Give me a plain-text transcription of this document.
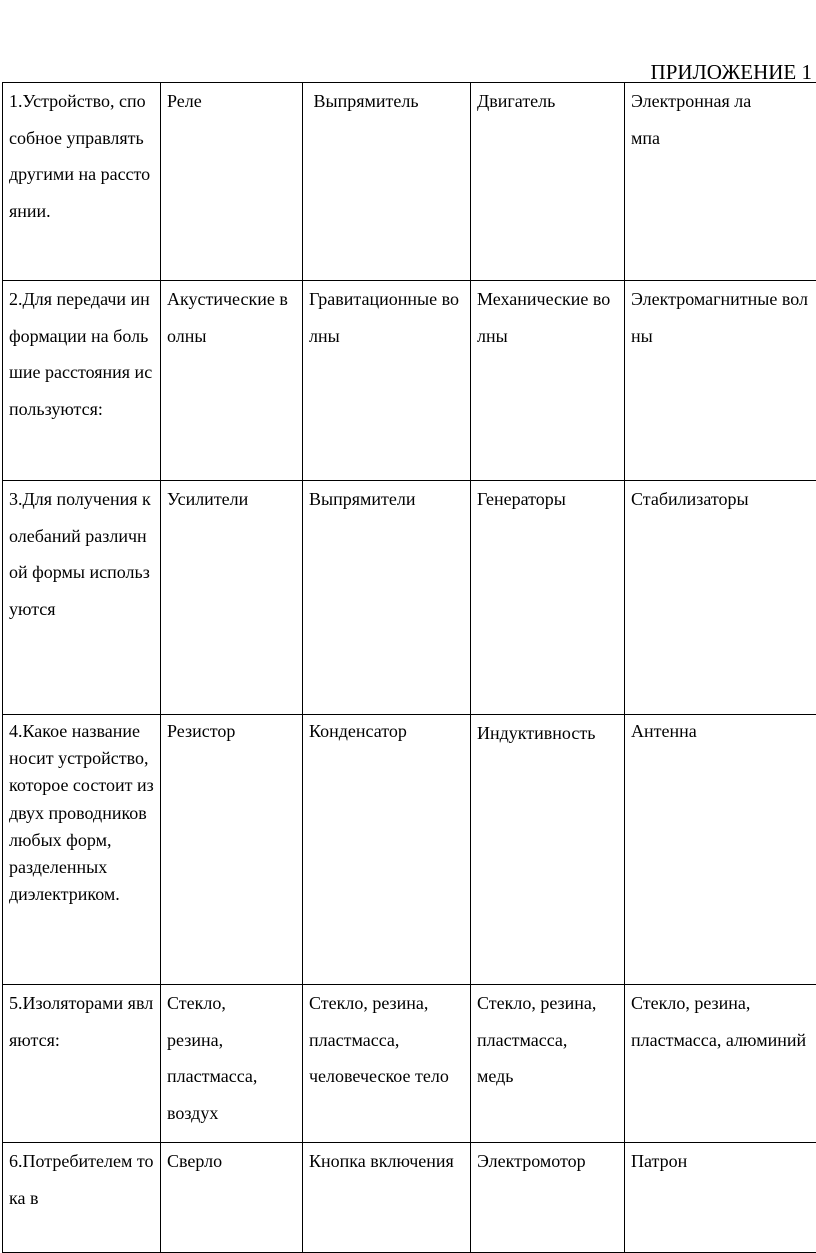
ПРИЛОЖЕНИЕ 1
1.Устройство, способное управлять другими на расстоянии.	Реле	Выпрямитель	Двигатель	Электронная лампа

2.Для передачи информации на большие расстояния используются:	Акустические волны	Гравитационные волны	Механические волны	Электромагнитные волны

3.Для получения колебаний различной формы используются	Усилители	Выпрямители	Генераторы	Стабилизаторы

4.Какое название носит устройство, которое состоит из двух проводников любых форм, разделенных диэлектриком.	Резистор	Конденсатор	Индуктивность	Антенна

5.Изоляторами являются:	Стекло, резина, пластмасса, воздух	Стекло, резина, пластмасса, человеческое тело	Стекло, резина, пластмасса, медь	Стекло, резина, пластмасса, алюминий

6.Потребителем тока в	Сверло	Кнопка включения	Электромотор	Патрон
